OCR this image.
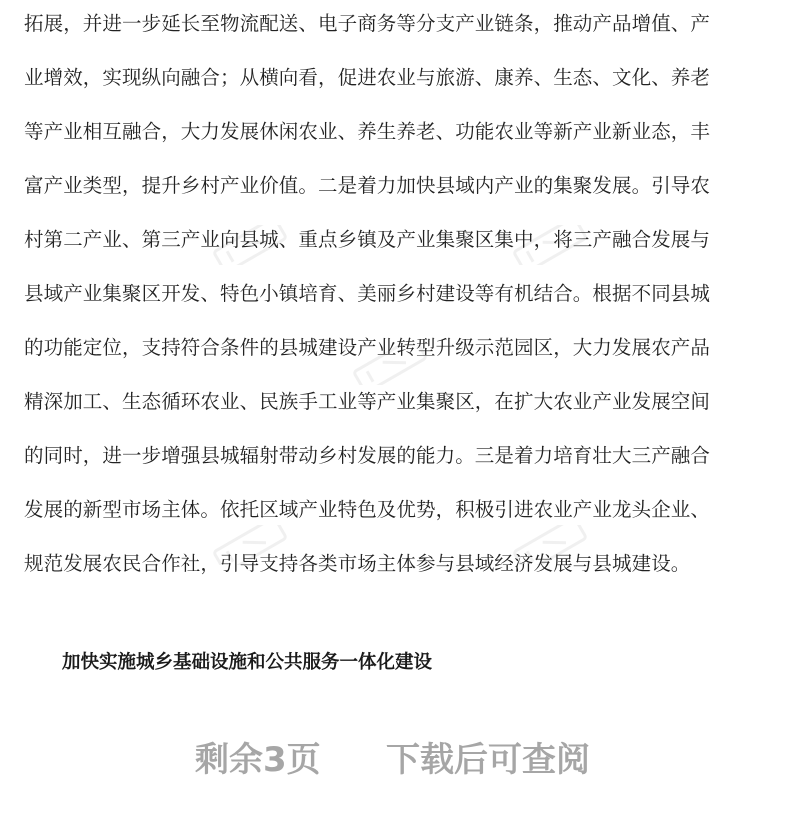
拓展，并进一步延长至物流配送、电子商务等分支产业链条，推动产品增值、产
业增效，实现纵向融合；从横向看，促进农业与旅游、康养、生态、文化、养老
等产业相互融合，大力发展休闲农业、养生养老、功能农业等新产业新业态，丰
富产业类型，提升乡村产业价值。二是着力加快县域内产业的集聚发展。引导农
村第二产业、第三产业向县城、重点乡镇及产业集聚区集中，将三产融合发展与
县域产业集聚区开发、特色小镇培育、美丽乡村建设等有机结合。根据不同县城
的功能定位，支持符合条件的县城建设产业转型升级示范园区，大力发展农产品
精深加工、生态循环农业、民族手工业等产业集聚区，在扩大农业产业发展空间
的同时，进一步增强县城辐射带动乡村发展的能力。三是着力培育壮大三产融合
发展的新型市场主体。依托区域产业特色及优势，积极引进农业产业龙头企业、
规范发展农民合作社，引导支持各类市场主体参与县域经济发展与县城建设。
加快实施城乡基础设施和公共服务一体化建设
剩余3页 下载后可查阅
